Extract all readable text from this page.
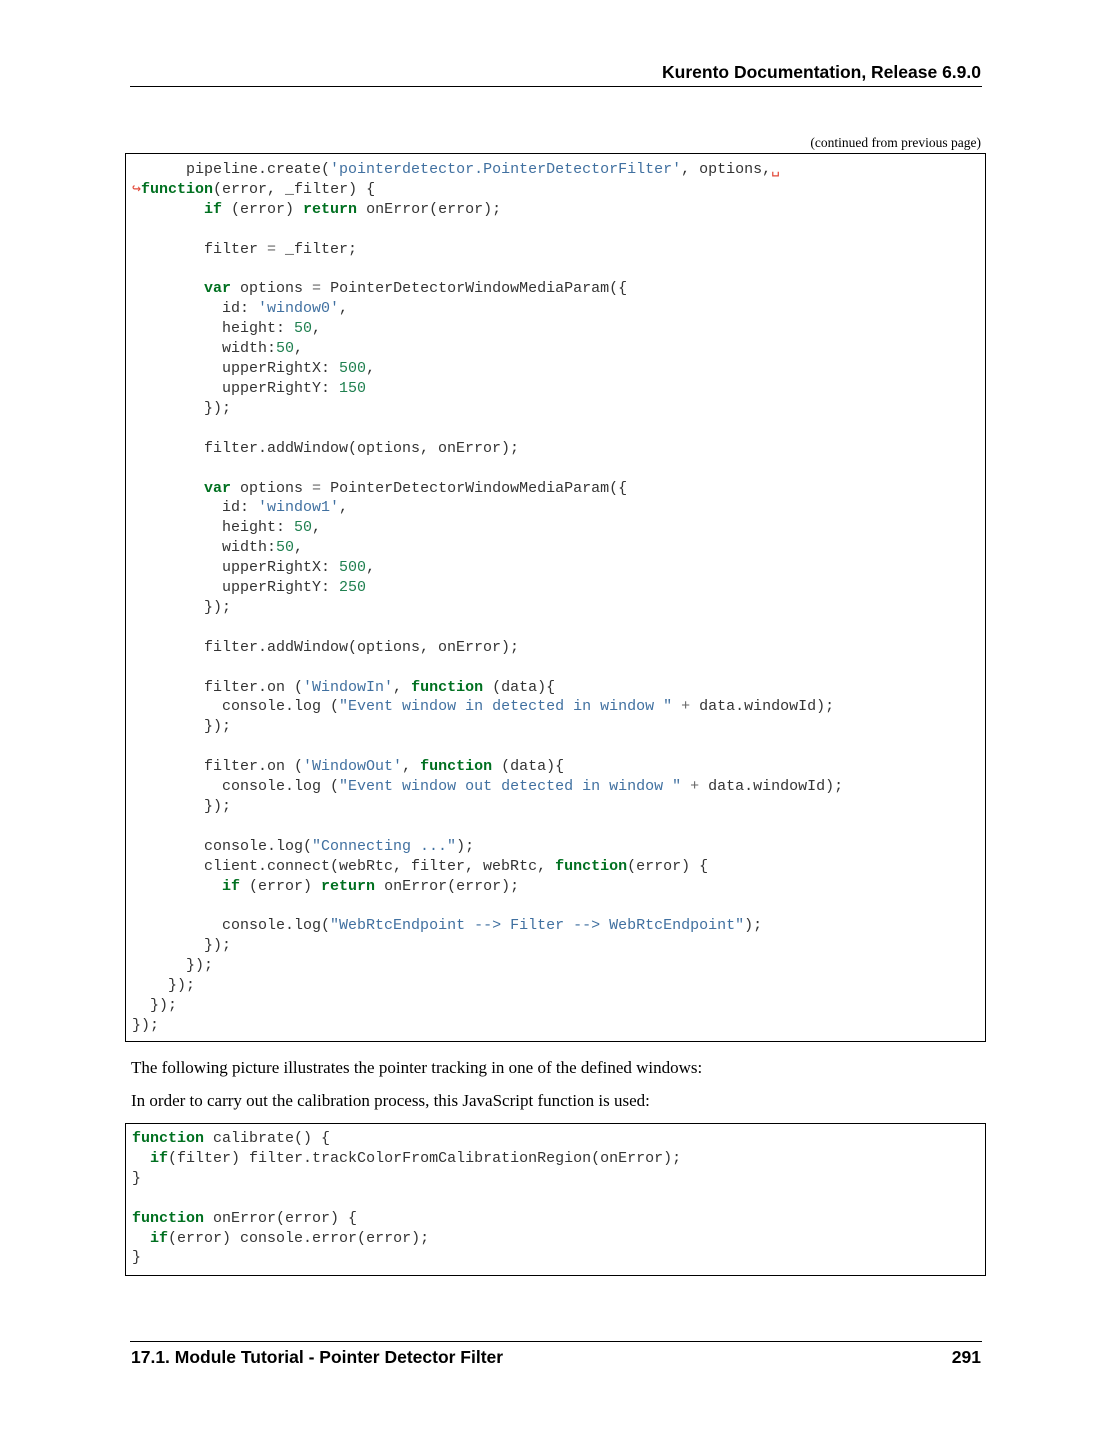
Kurento Documentation, Release 6.9.0
(continued from previous page)
pipeline.create('pointerdetector.PointerDetectorFilter', options,␣
↪function(error, _filter) {
if (error) return onError(error);

filter = _filter;

var options = PointerDetectorWindowMediaParam({
id: 'window0',
height: 50,
width:50,
upperRightX: 500,
upperRightY: 150
});

filter.addWindow(options, onError);

var options = PointerDetectorWindowMediaParam({
id: 'window1',
height: 50,
width:50,
upperRightX: 500,
upperRightY: 250
});

filter.addWindow(options, onError);

filter.on ('WindowIn', function (data){
console.log ("Event window in detected in window " + data.windowId);
});

filter.on ('WindowOut', function (data){
console.log ("Event window out detected in window " + data.windowId);
});

console.log("Connecting ...");
client.connect(webRtc, filter, webRtc, function(error) {
if (error) return onError(error);

console.log("WebRtcEndpoint --> Filter --> WebRtcEndpoint");
});
});
});
});
});
The following picture illustrates the pointer tracking in one of the defined windows:
In order to carry out the calibration process, this JavaScript function is used:
function calibrate() {
if(filter) filter.trackColorFromCalibrationRegion(onError);
}

function onError(error) {
if(error) console.error(error);
}
17.1. Module Tutorial - Pointer Detector Filter	291
